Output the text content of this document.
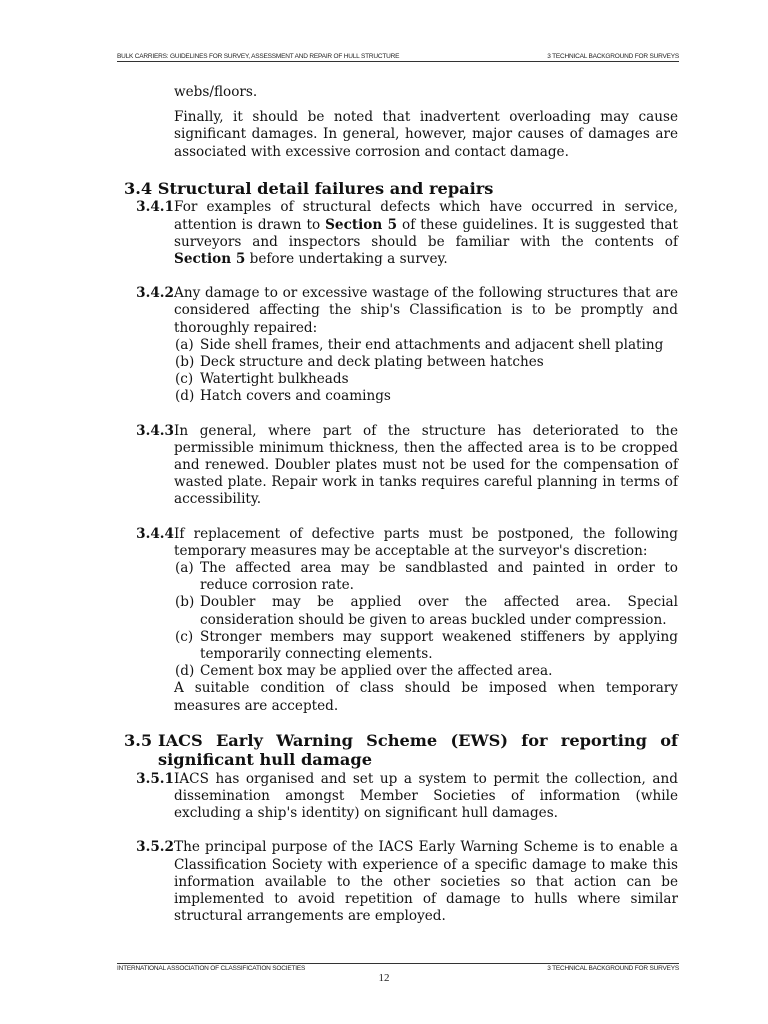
BULK CARRIERS: GUIDELINES FOR SURVEY, ASSESSMENT AND REPAIR OF HULL STRUCTURE	3 TECHNICAL BACKGROUND FOR SURVEYS
webs/floors.
Finally, it should be noted that inadvertent overloading may cause significant damages. In general, however, major causes of damages are associated with excessive corrosion and contact damage.
3.4 Structural detail failures and repairs
3.4.1 For examples of structural defects which have occurred in service, attention is drawn to Section 5 of these guidelines. It is suggested that surveyors and inspectors should be familiar with the contents of Section 5 before undertaking a survey.
3.4.2 Any damage to or excessive wastage of the following structures that are considered affecting the ship's Classification is to be promptly and thoroughly repaired:
(a) Side shell frames, their end attachments and adjacent shell plating
(b) Deck structure and deck plating between hatches
(c) Watertight bulkheads
(d) Hatch covers and coamings
3.4.3 In general, where part of the structure has deteriorated to the permissible minimum thickness, then the affected area is to be cropped and renewed. Doubler plates must not be used for the compensation of wasted plate. Repair work in tanks requires careful planning in terms of accessibility.
3.4.4 If replacement of defective parts must be postponed, the following temporary measures may be acceptable at the surveyor's discretion:
(a) The affected area may be sandblasted and painted in order to reduce corrosion rate.
(b) Doubler may be applied over the affected area. Special consideration should be given to areas buckled under compression.
(c) Stronger members may support weakened stiffeners by applying temporarily connecting elements.
(d) Cement box may be applied over the affected area.
A suitable condition of class should be imposed when temporary measures are accepted.
3.5 IACS Early Warning Scheme (EWS) for reporting of significant hull damage
3.5.1 IACS has organised and set up a system to permit the collection, and dissemination amongst Member Societies of information (while excluding a ship's identity) on significant hull damages.
3.5.2 The principal purpose of the IACS Early Warning Scheme is to enable a Classification Society with experience of a specific damage to make this information available to the other societies so that action can be implemented to avoid repetition of damage to hulls where similar structural arrangements are employed.
INTERNATIONAL ASSOCIATION OF CLASSIFICATION SOCIETIES	3 TECHNICAL BACKGROUND FOR SURVEYS
12
